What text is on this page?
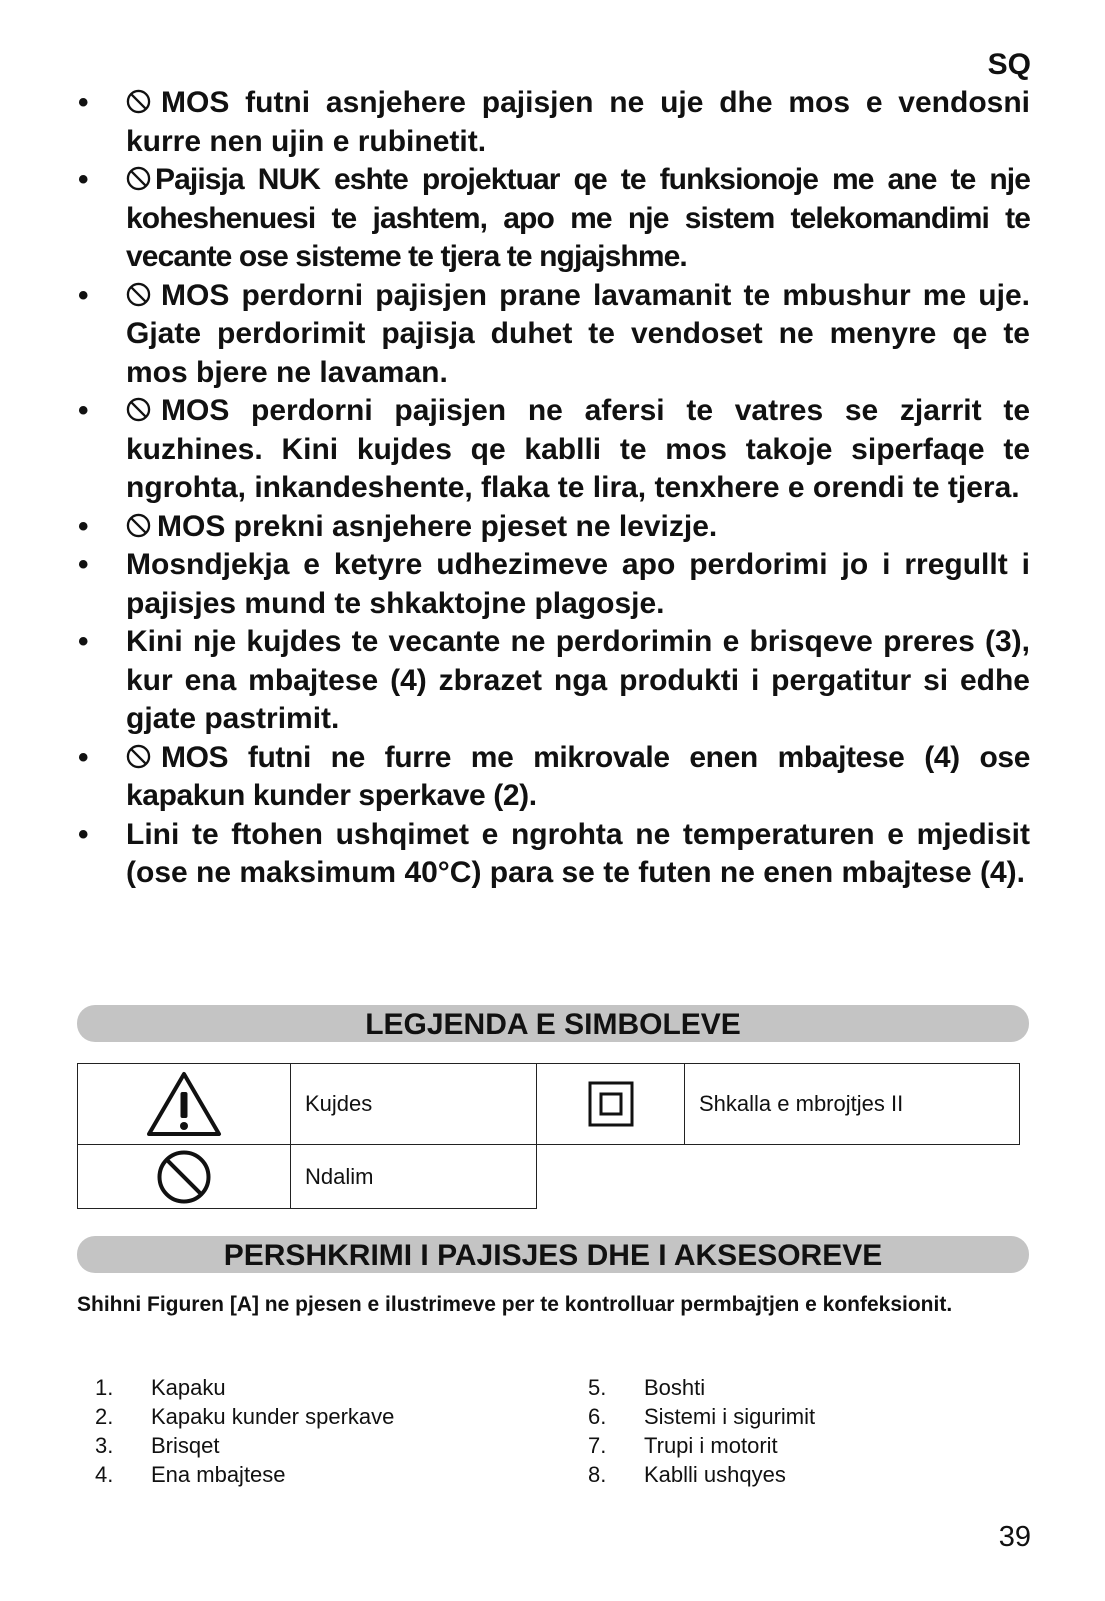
SQ
•	MOS futni asnjehere pajisjen ne uje dhe mos e vendosni kurre nen ujin e rubinetit.
•	Pajisja NUK eshte projektuar qe te funksionoje me ane te nje koheshenuesi te jashtem, apo me nje sistem telekomandimi te vecante ose sisteme te tjera te ngjajshme.
•	MOS perdorni pajisjen prane lavamanit te mbushur me uje. Gjate perdorimit pajisja duhet te vendoset ne menyre qe te mos bjere ne lavaman.
•	MOS perdorni pajisjen ne afersi te vatres se zjarrit te kuzhines. Kini kujdes qe kablli te mos takoje siperfaqe te ngrohta, inkandeshente, flaka te lira, tenxhere e orendi te tjera.
•	MOS prekni asnjehere pjeset ne levizje.
•	Mosndjekja e ketyre udhezimeve apo perdorimi jo i rregullt i pajisjes mund te shkaktojne plagosje.
•	Kini nje kujdes te vecante ne perdorimin e brisqeve preres (3), kur ena mbajtese (4) zbrazet nga produkti i pergatitur si edhe gjate pastrimit.
•	MOS futni ne furre me mikrovale enen mbajtese (4) ose kapakun kunder sperkave (2).
•	Lini te ftohen ushqimet e ngrohta ne temperaturen e mjedisit (ose ne maksimum 40°C) para se te futen ne enen mbajtese (4).
LEGJENDA E SIMBOLEVE
	Kujdes		Shkalla e mbrojtjes II

	Ndalim		
PERSHKRIMI I PAJISJES DHE I AKSESOREVE
Shihni Figuren [A] ne pjesen e ilustrimeve per te kontrolluar permbajtjen e konfeksionit.
1.	Kapaku
2.	Kapaku kunder sperkave
3.	Brisqet
4.	Ena mbajtese
5.	Boshti
6.	Sistemi i sigurimit
7.	Trupi i motorit
8.	Kablli ushqyes
39
